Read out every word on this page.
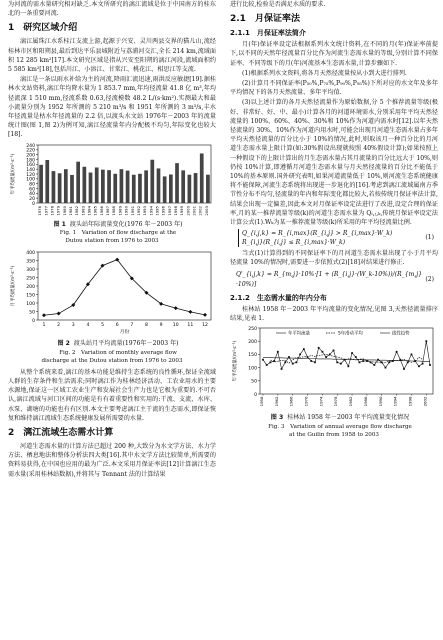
为河流的需水量研究相对缺乏.本文所研究的漓江流域是位于中国南方的桂东北的一条重要河流.

1　研究区域介绍

漓江属珠江水系桂江支流上游,起源于兴安、灵川两县交界的猫儿山,流经桂林市区和阳朔县,最后到达平乐县城附近与荔浦河交汇,全长 214 km,流域面积 12 285 km²[17].本文研究区域是指从兴安至阳朔的漓江河段,流域面积约 5 585 km²[18],包括川江、小溶江、甘棠江、桃花江、相思江等支流.

漓江是一条以雨水补给为主的河流,降雨汇流迅速,雨洪反应敏捷[19].据桂林水文站资料,漓江年均降水量为 1 853.7 mm,年均径流量 41.8 亿 m³,年均径流深 1 510 mm,径流系数 0.63,径流模数 48.2 L/(s·km²).实测最大和最小流量分别为 1952 年所测的 5 210 m³/s 和 1951 年所测的 3 m³/s,丰水年径流量是枯水年径流量的 2.2 倍,以渡头水文站 1976年－2003 年的流量统计图(图 1,图 2)为例可知,漓江径流量年内分配极不均匀,年际变化也较大[18].

0
20
40
60
80
100
120
140
160
180
200
220
240
年平均流量/(m³·s⁻¹)
1976 1977 1978 1979 1980 1981 1982 1983 1984 1985 1986 1987 1988 1989 1990 1991 1992 1993 1994 1995 1996 1997 1998 1999 2000 2001 2002 2003

图 1 渡头站年际流量变化(1976 年－2003 年)

Fig. 1　Variation of flow discharge at the
Dutou station from 1976 to 2003

0
50
100
150
200
250
300
350
400
月平均流量/(m³·s⁻¹)
1	2	3	4	5	6	7	8	9 10 11 12
月份

图 2 渡头站月平均流量(1976年－2003 年)

Fig. 2　Variation of monthly average flow
discharge at the Dutou station from 1976 to 2003

从整个系统来看,漓江的基本功能是维持生态系统的良性循环,保证全流域人群的生存条件和生活需求;同时漓江作为桂林经济活动、工农业用水的主要水源地,保证这一区域工农业生产和发展社会生产力也是它极为重要的.不可否认,漓江流域与河口区间的功能是有有着重要性和实用的:干流、支流、水库、水泵、湖塘的功能也有有区别.本文主要考虑漓江主干流的生态需水,即保证恢复和维持漓江流域生态系统健康发展所需要的水量.

2　漓江流域生态需水计算

河道生态需水量的计算方法已超过 200 种,大致分为水文学方法、水力学方法、栖息地法和整体分析法四大类[16].其中水文学方法比较简单,所需要的资料易获得,在中国也应用的最为广泛.本文采用月保证率法[12]计算漓江生态需水量(采用桂林站数据),并将其与 Tennant 法的计算结果

进行比较,检验是否满足水质的要求.

2.1　月保证率法
2.1.1　月保证率法简介

月(年)保证率设定法根据系列水文统计资料,在不同的月(年)保证率前提下,以不同的天然年径流量百分比作为河流生态需水量的等级,分别计算不同保证率、不同等级下的月(年)河流基本生态需水量,计算步骤如下.

(1)根据系列水文资料,将各月天然径流量按从小到大进行排列.

(2)计算月不同保证率(P₅₀%,P₇₅%,P₉₀%,P₉₅%)下所对应的水文年及多年平均情况下的各月天然流量、多年平均值.

(3)以上述计算的各月天然径流量作为原始数据,分 5 个推荐流量等级(极好、非常好、好、中、最小)计算各月的河道环境需水,分别采用年平均天然径流量的 100%、60%、40%、30%和 10%作为河道内需水时[12].以年天然径流量的 30%、10%作为河道内用水时,可能会出现月河道生态需水量占多年平均天然径流量的百分比小于 10%的情况,此时,则取该月一种百分比的月河道生态需水量上限计算(如:30%假设出现就按照 40%假设计算);如果按照上一种假设下的上限计算出的月生态需水量占其月流量的百分比远大于 10%,则仍按 10%计算,即遵循月河道生态需水量与月天然径流量的百分比不能低于 10%的基本原则.国外研究表明,如果河道流量低于 10%,则河流生态系统健康将不能保障,河流生态系统将出现进一步退化的[16].考虑到漓江流域属南方季节性分布不均匀,径流量的年内和年际变化都比较大,若按传统月保证率法计算,结果会出现一定偏差,因此本文对月保证率设定法进行了改进,设定合理的保证率,月的某一推荐流量等级(k)的河道生态需水量为 Qᵢ,ⱼ,ₖ,传统月保证率设定法计算公式(1).Wₖ为某一推荐流量等级(k)所采用的年平均径流量比例.

Q_{i,j,k} = R_{i,max}(R_{i,j} > R_{i,max}·W_k)
R_{i,j}(R_{i,j} ≤ R_{i,max}·W_k)
(1)

当式(1)计算得到的不同保证率下的月河道生态需水量出现了小于月平均径流量 10%的情况时,需要进一步依照式(2)[18]对结果进行修正.

Q'_{i,j,k} = R_{m,j}·10%·[1 + (R_{i,j}·(W_k-10%))/(R_{m,j}·10%)]
(2)
2.1.2　生态需水量的年内分布

桂林站 1958 年－2003 年平均流量的变化情况,见图 3,天然径流量排序结果,见表 1.

0
50
100
150
200
250
年平均流量/(m³·s⁻¹)
1958	1962	1966	1970	1974	1978	1982	1986	1990	1994	1998	2002
年平均流量	5年滑动平均	线性趋势

图 3 桂林站 1958 年－2003 年平均流量变化情况

Fig. 3　Variation of annual average flow discharge
at the Guilin from 1958 to 2003
